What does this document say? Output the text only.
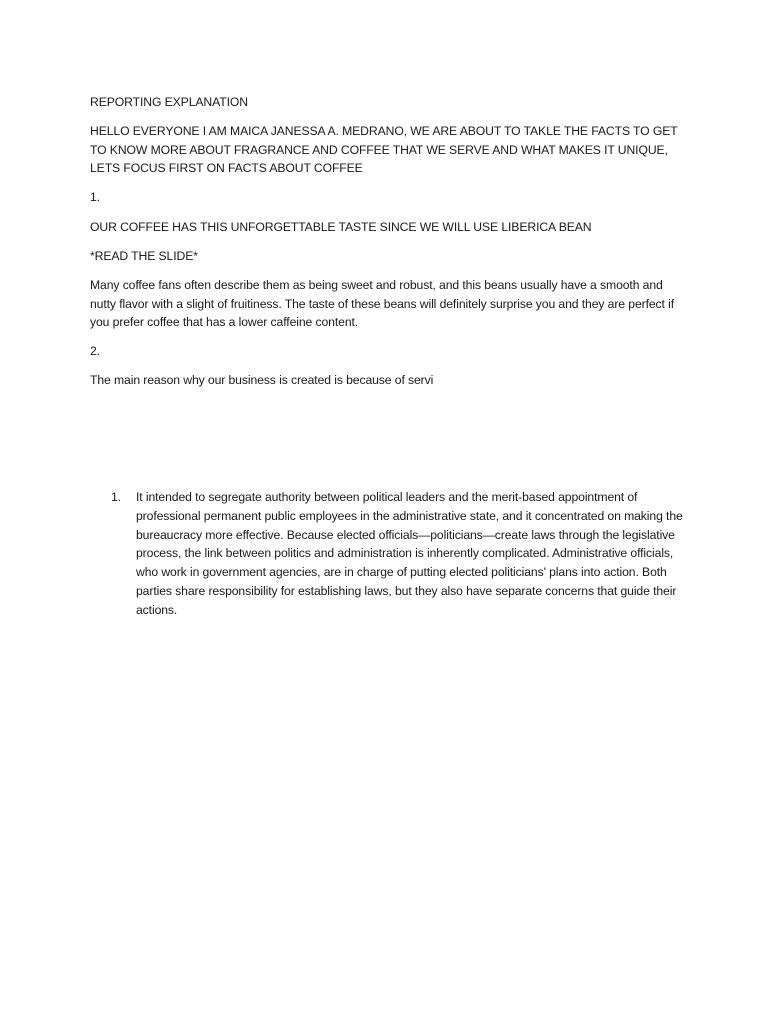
REPORTING EXPLANATION

HELLO EVERYONE I AM MAICA JANESSA A. MEDRANO, WE ARE ABOUT TO TAKLE THE FACTS TO GET TO KNOW MORE ABOUT FRAGRANCE AND COFFEE THAT WE SERVE AND WHAT MAKES IT UNIQUE, LETS FOCUS FIRST ON FACTS ABOUT COFFEE

1.

OUR COFFEE HAS THIS UNFORGETTABLE TASTE SINCE WE WILL USE LIBERICA BEAN

*READ THE SLIDE*

Many coffee fans often describe them as being sweet and robust, and this beans usually have a smooth and nutty flavor with a slight of fruitiness. The taste of these beans will definitely surprise you and they are perfect if you prefer coffee that has a lower caffeine content.

2.

The main reason why our business is created is because of servi

1. It intended to segregate authority between political leaders and the merit-based appointment of professional permanent public employees in the administrative state, and it concentrated on making the bureaucracy more effective. Because elected officials—politicians—create laws through the legislative process, the link between politics and administration is inherently complicated. Administrative officials, who work in government agencies, are in charge of putting elected politicians' plans into action. Both parties share responsibility for establishing laws, but they also have separate concerns that guide their actions.
